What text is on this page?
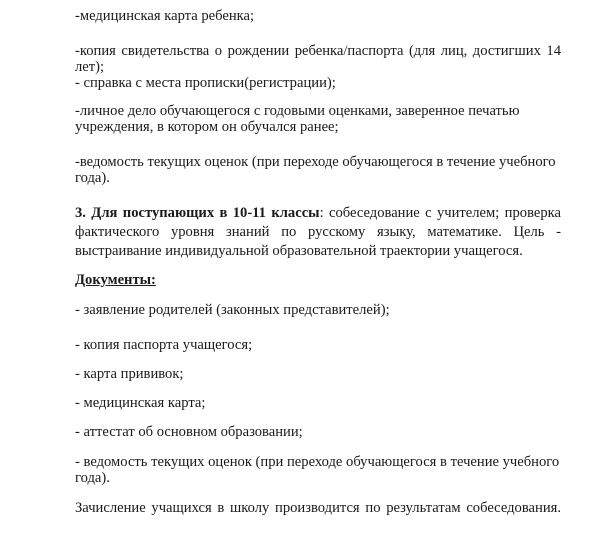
-медицинская карта ребенка;
-копия свидетельства о рождении ребенка/паспорта (для лиц, достигших 14
лет);
- справка с места прописки(регистрации);
-личное дело обучающегося с годовыми оценками, заверенное печатью
учреждения, в котором он обучался ранее;
-ведомость текущих оценок (при переходе обучающегося в течение учебного
года).
3. Для поступающих в 10-11 классы: собеседование с учителем; проверка
фактического уровня знаний по русскому языку, математике. Цель -
выстраивание индивидуальной образовательной траектории учащегося.
Документы:
- заявление родителей (законных представителей);
- копия паспорта учащегося;
- карта прививок;
- медицинская карта;
- аттестат об основном образовании;
- ведомость текущих оценок (при переходе обучающегося в течение учебного
года).
Зачисление учащихся в школу производится по результатам собеседования.
